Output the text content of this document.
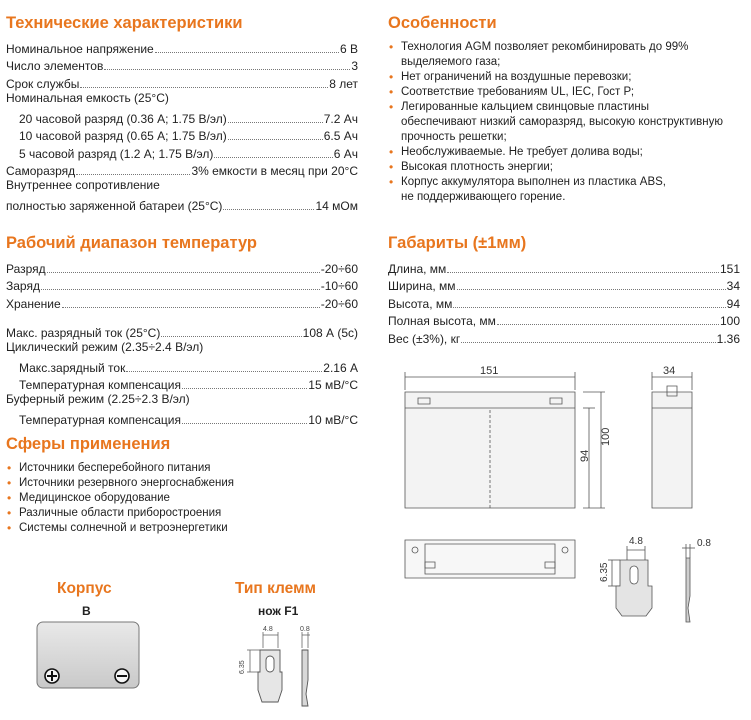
Технические характеристики
Номинальное напряжение	6 В
Число элементов	3
Срок службы	8 лет
Номинальная емкость (25°С)
20 часовой разряд (0.36 А; 1.75 В/эл)	7.2 Ач
10 часовой разряд (0.65 А; 1.75 В/эл)	6.5 Ач
5 часовой разряд (1.2 А; 1.75 В/эл)	6 Ач
Саморазряд	3% емкости в месяц при 20°С
Внутреннее сопротивление
полностью заряженной батареи (25°С)	14 мОм
Рабочий диапазон температур
Разряд	-20÷60
Заряд	-10÷60
Хранение	-20÷60
Макс. разрядный ток (25°С)	108 А (5с)
Циклический режим (2.35÷2.4 В/эл)
Макс.зарядный ток	2.16 А
Температурная компенсация	15 мВ/°С
Буферный режим (2.25÷2.3 В/эл)
Температурная компенсация	10 мВ/°С
Сферы применения
• Источники бесперебойного питания
• Источники резервного энергоснабжения
• Медицинское оборудование
• Различные области приборостроения
• Системы солнечной и ветроэнергетики
Корпус
B
Тип клемм
нож F1
4.8	0.8
6.35
Особенности
• Технология AGM позволяет рекомбинировать до 99%
выделяемого газа;
• Нет ограничений на воздушные перевозки;
• Соответствие требованиям UL, IEC, Гост Р;
• Легированные кальцием свинцовые пластины
обеспечивают низкий саморазряд, высокую конструктивную
прочность решетки;
• Необслуживаемые. Не требует долива воды;
• Высокая плотность энергии;
• Корпус аккумулятора выполнен из пластика ABS,
не поддерживающего горение.
Габариты (±1мм)
Длина, мм	151
Ширина, мм	34
Высота, мм	94
Полная высота, мм	100
Вес (±3%), кг	1.36
151	34
94
100
4.8	0.8
6.35
